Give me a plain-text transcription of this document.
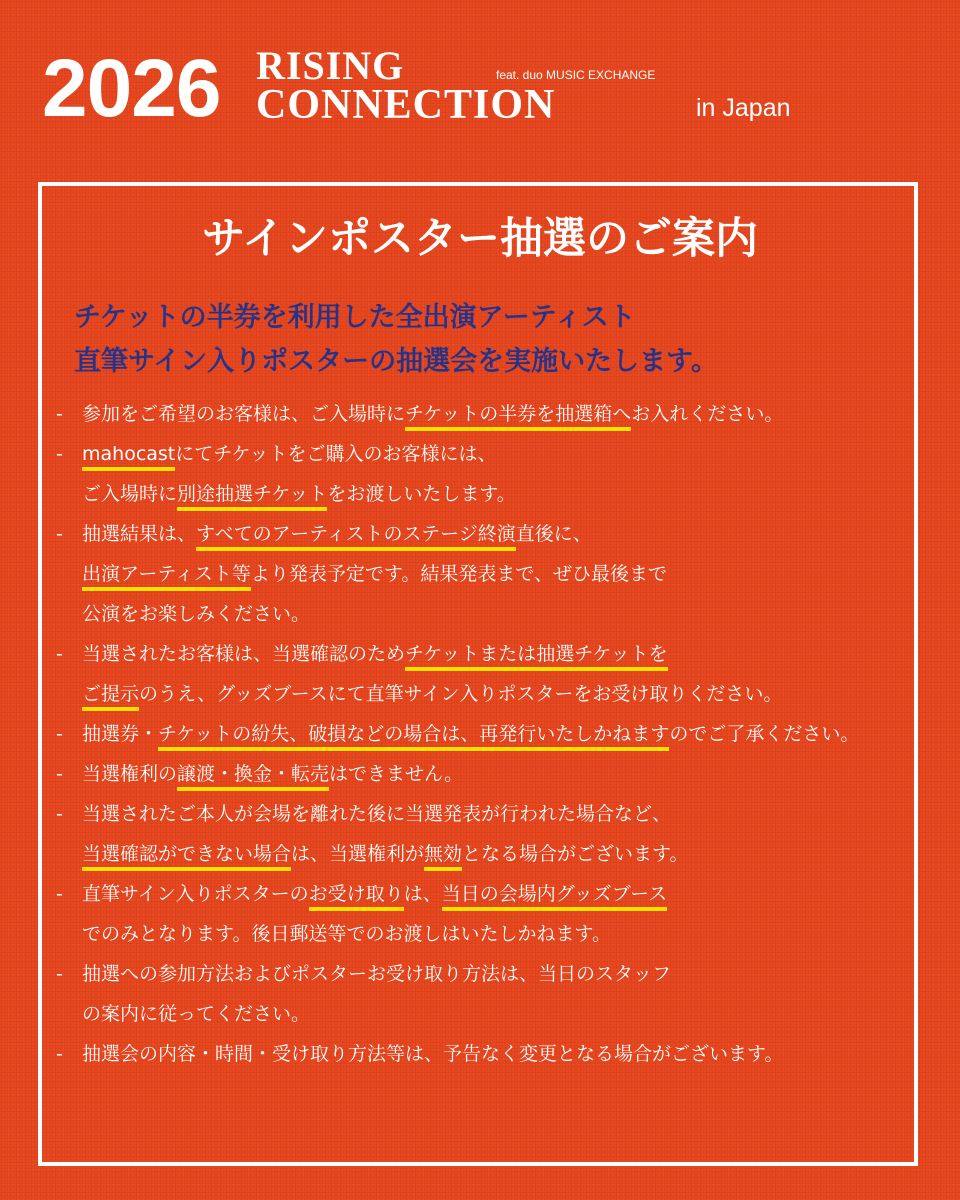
2026 RISING	feat. duo MUSIC EXCHANGE
CONNECTION	in Japan
サインポスター抽選のご案内
チケットの半券を利用した全出演アーティスト
直筆サイン入りポスターの抽選会を実施いたします。
-	参加をご希望のお客様は、ご入場時にチケットの半券を抽選箱へお入れください。
-	mahocastにてチケットをご購入のお客様には、
ご入場時に別途抽選チケットをお渡しいたします。
-	抽選結果は、すべてのアーティストのステージ終演直後に、
出演アーティスト等より発表予定です。結果発表まで、ぜひ最後まで
公演をお楽しみください。
-	当選されたお客様は、当選確認のためチケットまたは抽選チケットを
ご提示のうえ、グッズブースにて直筆サイン入りポスターをお受け取りください。
-	抽選券・チケットの紛失、破損などの場合は、再発行いたしかねますのでご了承ください。
-	当選権利の譲渡・換金・転売はできません。
-	当選されたご本人が会場を離れた後に当選発表が行われた場合など、
当選確認ができない場合は、当選権利が無効となる場合がございます。
-	直筆サイン入りポスターのお受け取りは、当日の会場内グッズブース
でのみとなります。後日郵送等でのお渡しはいたしかねます。
-	抽選への参加方法およびポスターお受け取り方法は、当日のスタッフ
の案内に従ってください。
-	抽選会の内容・時間・受け取り方法等は、予告なく変更となる場合がございます。
